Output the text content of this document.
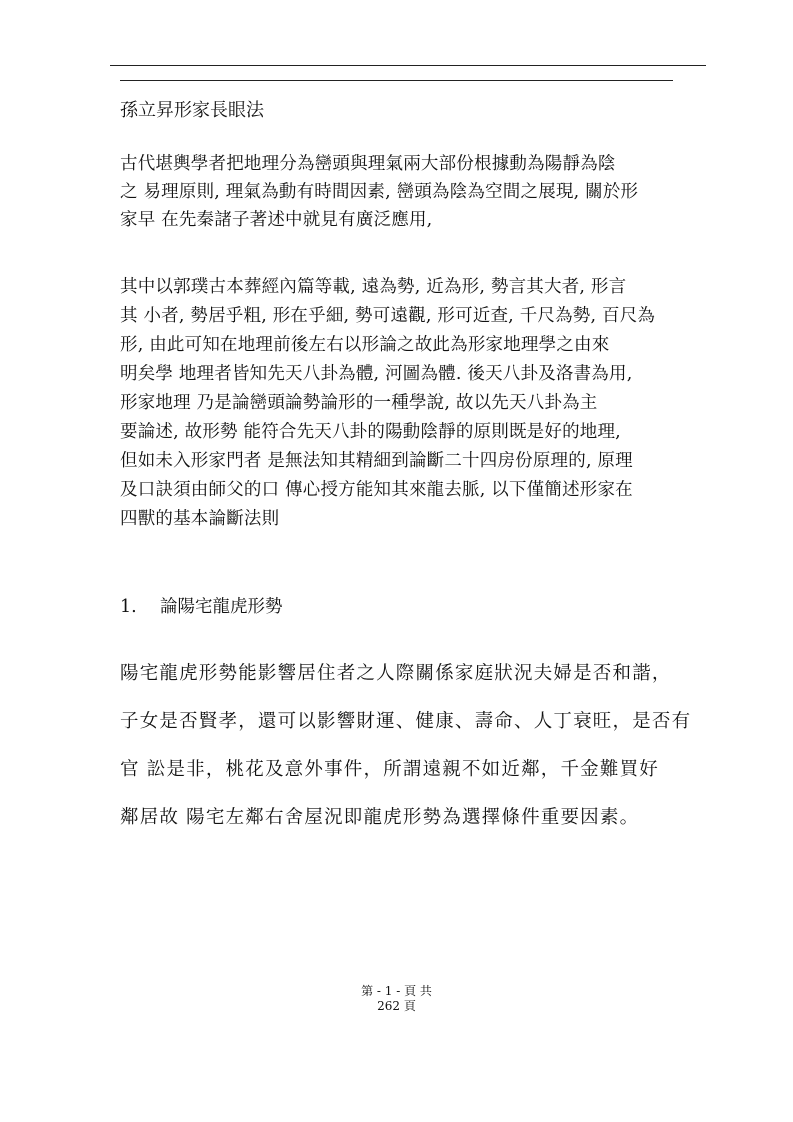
孫立昇形家長眼法
古代堪輿學者把地理分為巒頭與理氣兩大部份根據動為陽靜為陰
之 易理原則, 理氣為動有時間因素, 巒頭為陰為空間之展現, 關於形
家早 在先秦諸子著述中就見有廣泛應用,
其中以郭璞古本葬經內篇等載, 遠為勢, 近為形, 勢言其大者, 形言
其 小者, 勢居乎粗, 形在乎細, 勢可遠觀, 形可近查, 千尺為勢, 百尺為
形, 由此可知在地理前後左右以形論之故此為形家地理學之由來
明矣學 地理者皆知先天八卦為體, 河圖為體. 後天八卦及洛書為用,
形家地理 乃是論巒頭論勢論形的一種學說, 故以先天八卦為主
要論述, 故形勢 能符合先天八卦的陽動陰靜的原則既是好的地理,
但如未入形家門者 是無法知其精細到論斷二十四房份原理的, 原理
及口訣須由師父的口 傳心授方能知其來龍去脈, 以下僅簡述形家在
四獸的基本論斷法則
1. 論陽宅龍虎形勢
陽宅龍虎形勢能影響居住者之人際關係家庭狀況夫婦是否和諧，
子女是否賢孝，還可以影響財運、健康、壽命、人丁衰旺，是否有
官 訟是非，桃花及意外事件，所謂遠親不如近鄰，千金難買好
鄰居故 陽宅左鄰右舍屋況即龍虎形勢為選擇條件重要因素。
第 - 1 - 頁 共
262 頁
